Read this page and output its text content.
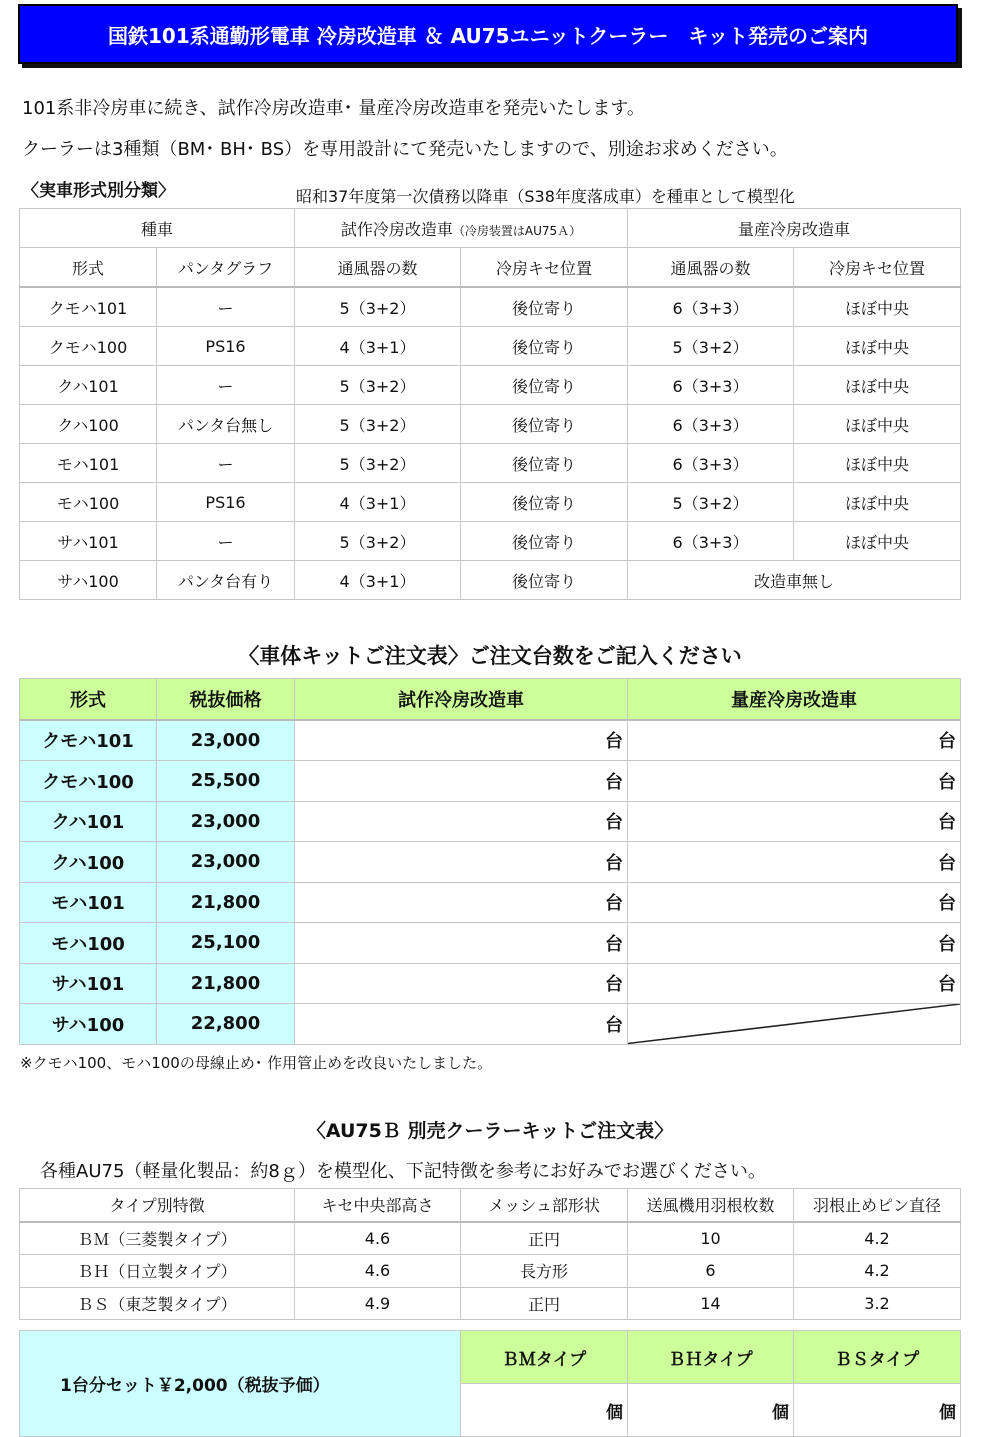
国鉄101系通勤形電車 冷房改造車 ＆ AU75ユニットクーラー　キット発売のご案内
101系非冷房車に続き、試作冷房改造車･ 量産冷房改造車を発売いたします。
クーラーは3種類（BM･ BH･ BS）を専用設計にて発売いたしますので、別途お求めください。
〈実車形式別分類〉	昭和37年度第一次債務以降車（S38年度落成車）を種車として模型化
種車		試作冷房改造車（冷房装置はAU75Ａ）		量産冷房改造車	
形式	パンタグラフ	通風器の数	冷房キセ位置	通風器の数	冷房キセ位置
クモハ101	ー	5（3+2）	後位寄り	6（3+3）	ほぼ中央
クモハ100	PS16	4（3+1）	後位寄り	5（3+2）	ほぼ中央
クハ101	ー	5（3+2）	後位寄り	6（3+3）	ほぼ中央
クハ100	パンタ台無し	5（3+2）	後位寄り	6（3+3）	ほぼ中央
モハ101	ー	5（3+2）	後位寄り	6（3+3）	ほぼ中央
モハ100	PS16	4（3+1）	後位寄り	5（3+2）	ほぼ中央
サハ101	ー	5（3+2）	後位寄り	6（3+3）	ほぼ中央
サハ100	パンタ台有り	4（3+1）	後位寄り	改造車無し	
〈車体キットご注文表〉ご注文台数をご記入ください
形式	税抜価格	試作冷房改造車	量産冷房改造車
クモハ101	23,000	台	台
クモハ100	25,500	台	台
クハ101	23,000	台	台
クハ100	23,000	台	台
モハ101	21,800	台	台
モハ100	25,100	台	台
サハ101	21,800	台	台
サハ100	22,800	台	
※クモハ100、モハ100の母線止め･ 作用管止めを改良いたしました。
〈AU75Ｂ 別売クーラーキットご注文表〉
各種AU75（軽量化製品：約8ｇ）を模型化、下記特徴を参考にお好みでお選びください。
タイプ別特徴	キセ中央部高さ	メッシュ部形状	送風機用羽根枚数	羽根止めピン直径
ＢＭ（三菱製タイプ）	4.6	正円	10	4.2
ＢＨ（日立製タイプ）	4.6	長方形	6	4.2
ＢＳ（東芝製タイプ）	4.9	正円	14	3.2
1台分セット￥2,000（税抜予価）	ＢＭタイプ	ＢＨタイプ	ＢＳタイプ
	個	個	個
